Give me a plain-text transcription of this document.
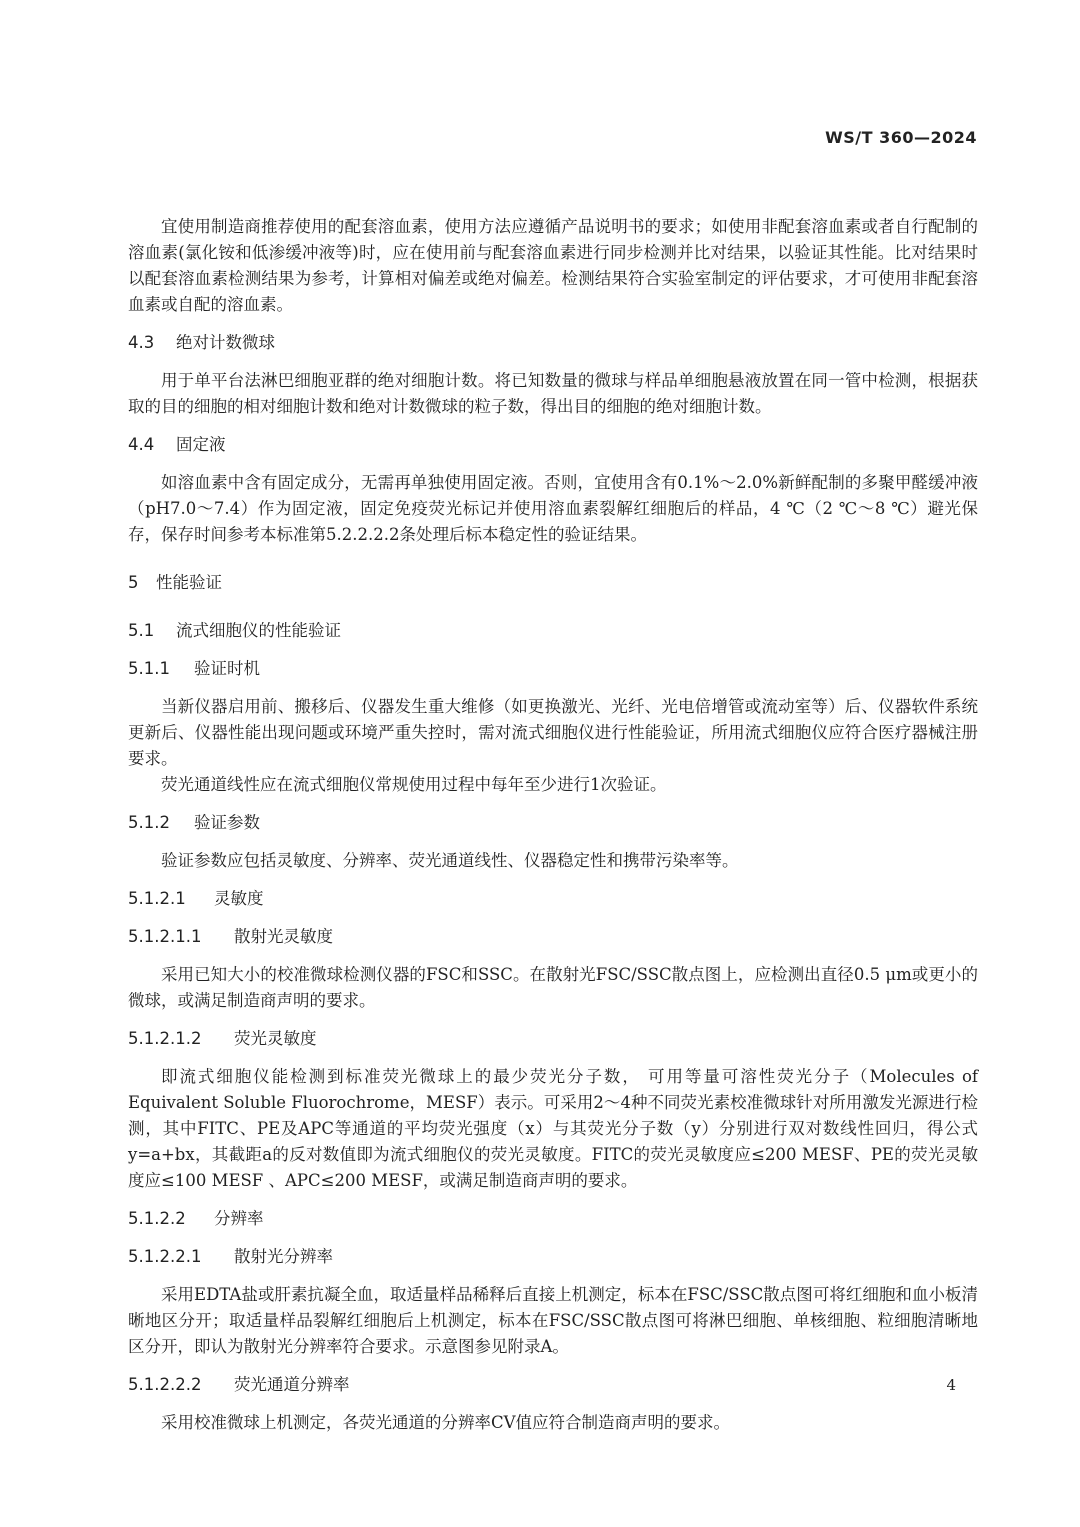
WS/T 360—2024

宜使用制造商推荐使用的配套溶血素，使用方法应遵循产品说明书的要求；如使用非配套溶血素或者自行配制的溶血素(氯化铵和低渗缓冲液等)时，应在使用前与配套溶血素进行同步检测并比对结果，以验证其性能。比对结果时以配套溶血素检测结果为参考，计算相对偏差或绝对偏差。检测结果符合实验室制定的评估要求，才可使用非配套溶血素或自配的溶血素。

4.3 绝对计数微球

用于单平台法淋巴细胞亚群的绝对细胞计数。将已知数量的微球与样品单细胞悬液放置在同一管中检测，根据获取的目的细胞的相对细胞计数和绝对计数微球的粒子数，得出目的细胞的绝对细胞计数。

4.4 固定液

如溶血素中含有固定成分，无需再单独使用固定液。否则，宜使用含有0.1%～2.0%新鲜配制的多聚甲醛缓冲液（pH7.0～7.4）作为固定液，固定免疫荧光标记并使用溶血素裂解红细胞后的样品，4 ℃（2 ℃～8 ℃）避光保存，保存时间参考本标准第5.2.2.2.2条处理后标本稳定性的验证结果。

5 性能验证

5.1 流式细胞仪的性能验证

5.1.1 验证时机

当新仪器启用前、搬移后、仪器发生重大维修（如更换激光、光纤、光电倍增管或流动室等）后、仪器软件系统更新后、仪器性能出现问题或环境严重失控时，需对流式细胞仪进行性能验证，所用流式细胞仪应符合医疗器械注册要求。

荧光通道线性应在流式细胞仪常规使用过程中每年至少进行1次验证。

5.1.2 验证参数

验证参数应包括灵敏度、分辨率、荧光通道线性、仪器稳定性和携带污染率等。

5.1.2.1 灵敏度

5.1.2.1.1 散射光灵敏度

采用已知大小的校准微球检测仪器的FSC和SSC。在散射光FSC/SSC散点图上，应检测出直径0.5 μm或更小的微球，或满足制造商声明的要求。

5.1.2.1.2 荧光灵敏度

即流式细胞仪能检测到标准荧光微球上的最少荧光分子数， 可用等量可溶性荧光分子（Molecules of Equivalent Soluble Fluorochrome，MESF）表示。可采用2～4种不同荧光素校准微球针对所用激发光源进行检测，其中FITC、PE及APC等通道的平均荧光强度（x）与其荧光分子数（y）分别进行双对数线性回归，得公式y=a+bx，其截距a的反对数值即为流式细胞仪的荧光灵敏度。FITC的荧光灵敏度应≤200 MESF、PE的荧光灵敏度应≤100 MESF 、APC≤200 MESF，或满足制造商声明的要求。

5.1.2.2 分辨率

5.1.2.2.1 散射光分辨率

采用EDTA盐或肝素抗凝全血，取适量样品稀释后直接上机测定，标本在FSC/SSC散点图可将红细胞和血小板清晰地区分开；取适量样品裂解红细胞后上机测定，标本在FSC/SSC散点图可将淋巴细胞、单核细胞、粒细胞清晰地区分开，即认为散射光分辨率符合要求。示意图参见附录A。

5.1.2.2.2 荧光通道分辨率

采用校准微球上机测定，各荧光通道的分辨率CV值应符合制造商声明的要求。

4
